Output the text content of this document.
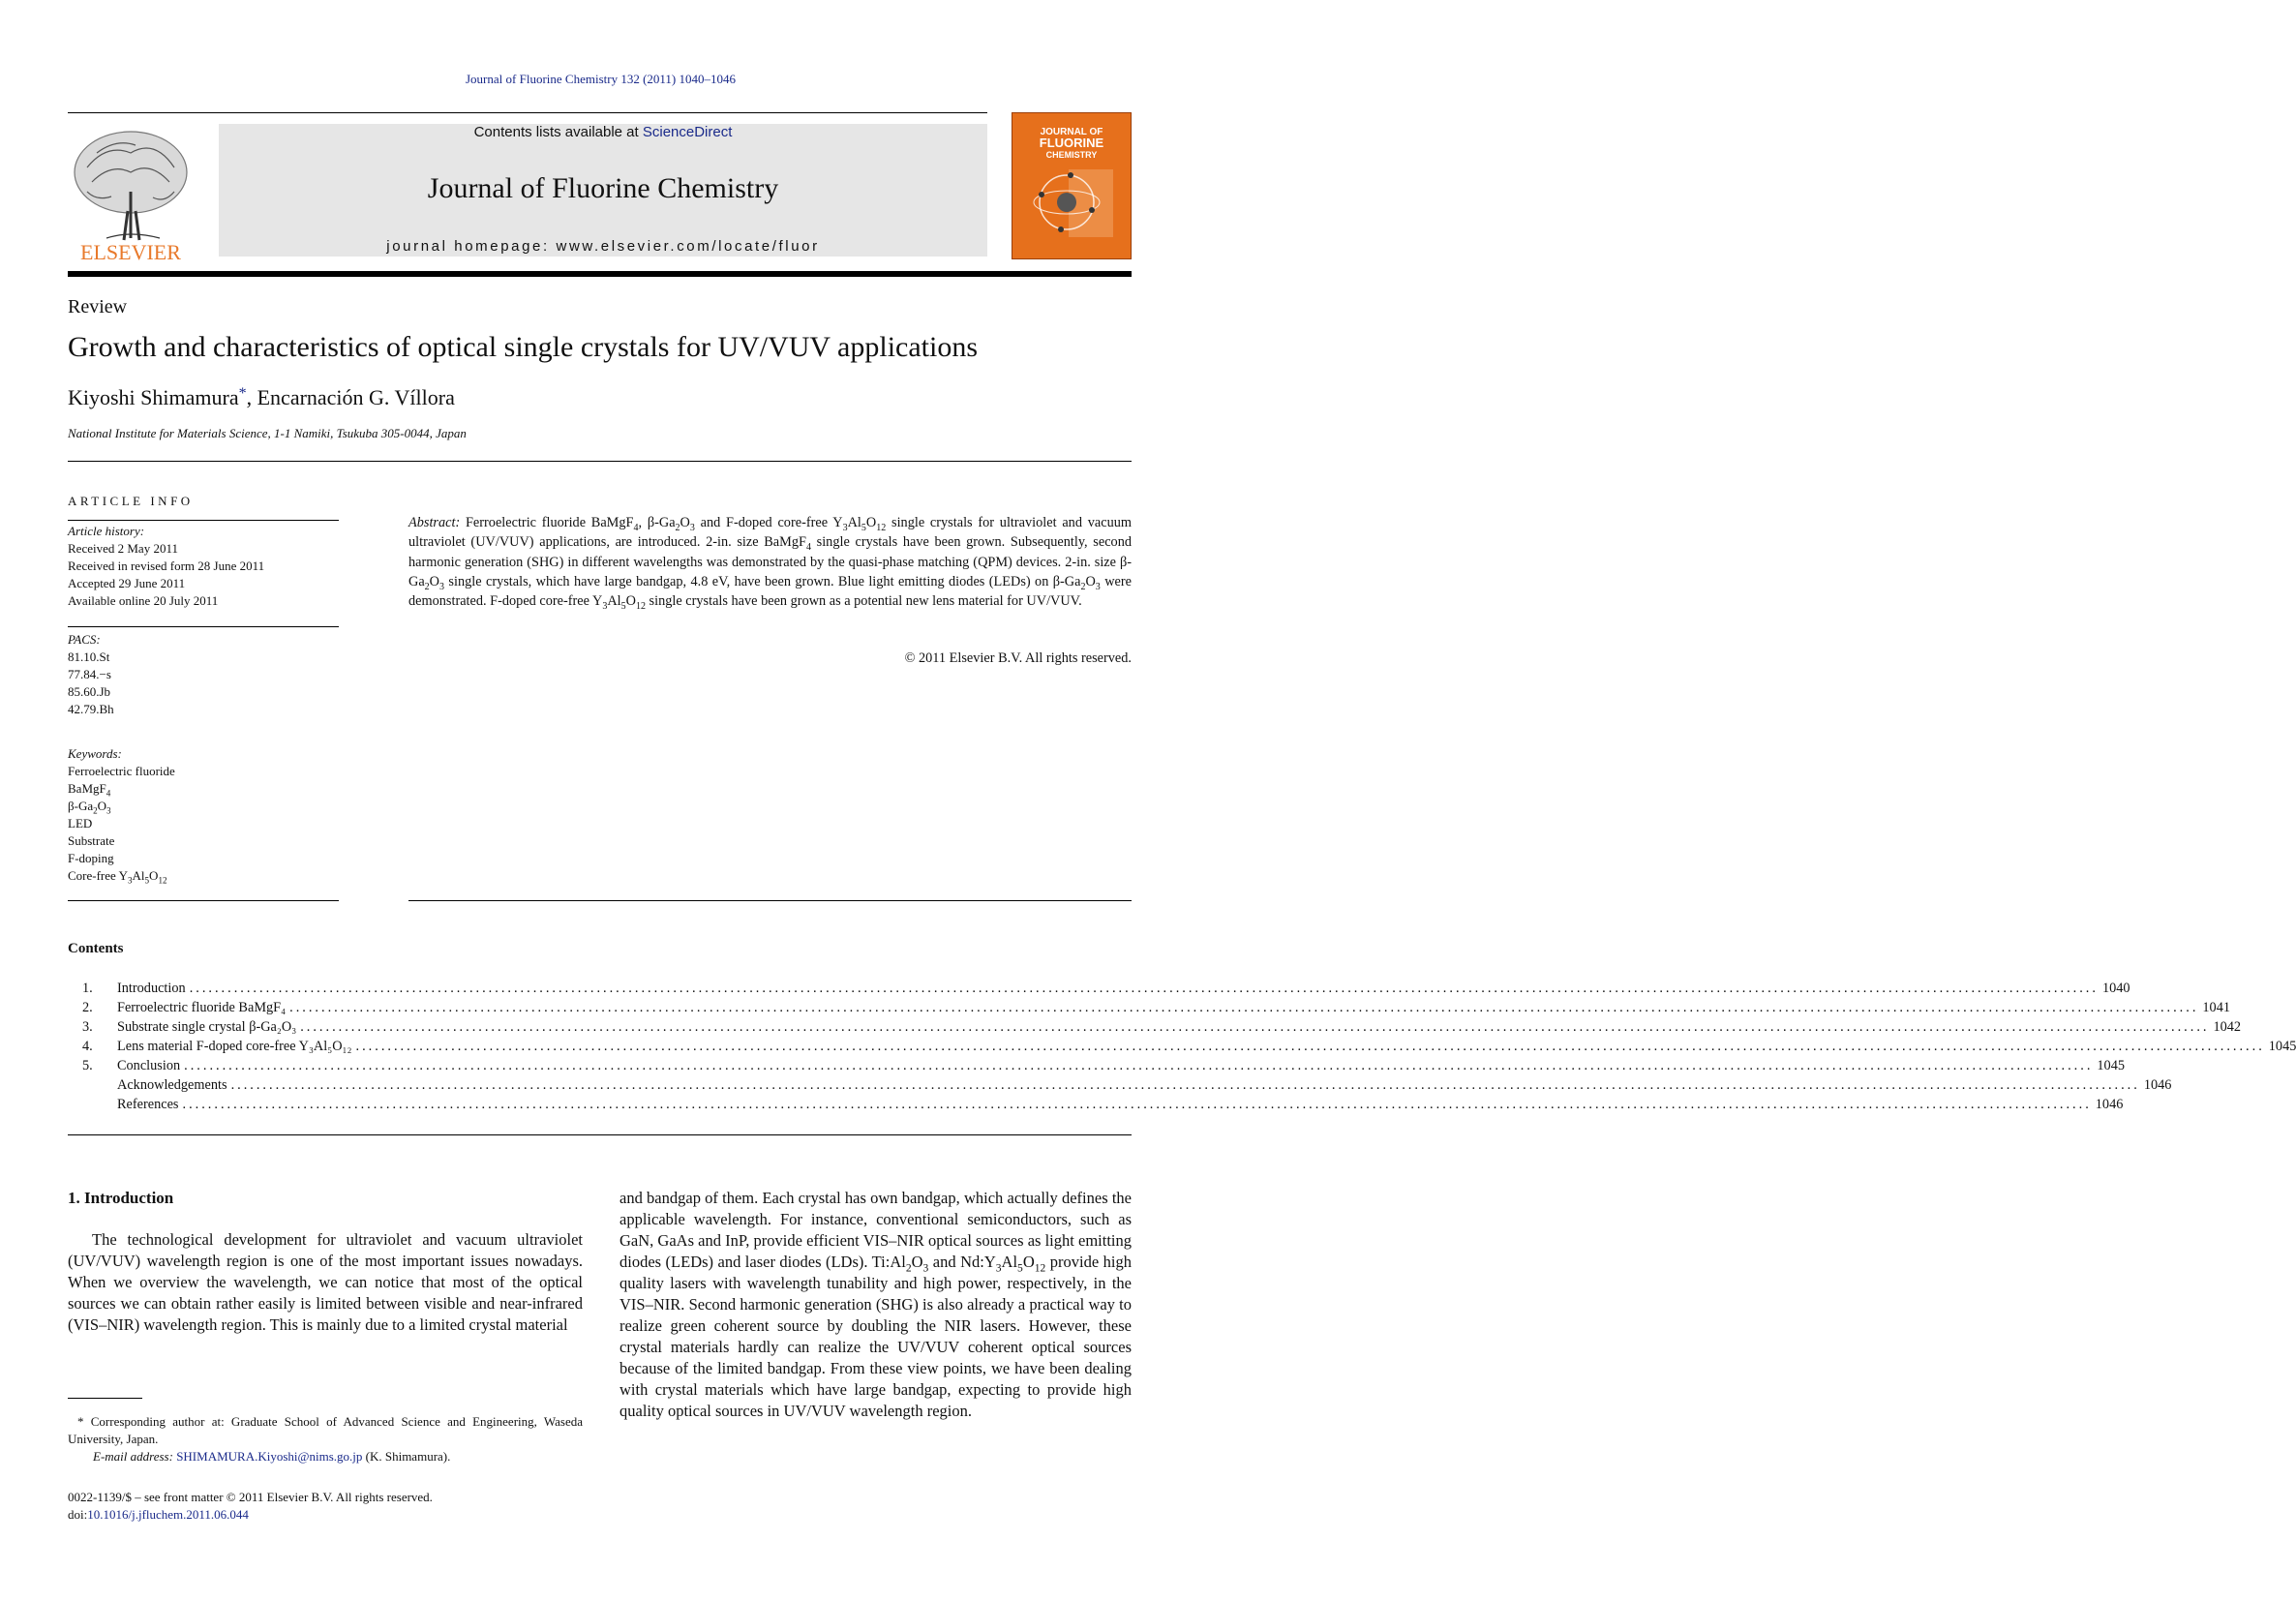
Journal of Fluorine Chemistry 132 (2011) 1040–1046
ELSEVIER
Contents lists available at ScienceDirect
Journal of Fluorine Chemistry
journal homepage: www.elsevier.com/locate/fluor
JOURNAL OF
FLUORINE
CHEMISTRY
Review
Growth and characteristics of optical single crystals for UV/VUV applications
Kiyoshi Shimamura*, Encarnación G. Víllora
National Institute for Materials Science, 1-1 Namiki, Tsukuba 305-0044, Japan
ARTICLE INFO
Article history:
Received 2 May 2011
Received in revised form 28 June 2011
Accepted 29 June 2011
Available online 20 July 2011
PACS:
81.10.St
77.84.−s
85.60.Jb
42.79.Bh
Keywords:
Ferroelectric fluoride
BaMgF$_4$
$\beta-Ga_2O_3$
LED
Substrate
F-doping
Core-free $Y_3Al_5O_{12}$
Abstract: Ferroelectric fluoride BaMgF$_4$, $\beta-Ga_2O_3$ and F-doped core-free $Y_3Al_5O_{12}$ single crystals for ultraviolet and vacuum ultraviolet (UV/VUV) applications, are introduced. 2-in. size BaMgF$_4$ single crystals have been grown. Subsequently, second harmonic generation (SHG) in different wavelengths was demonstrated by the quasi-phase matching (QPM) devices. 2-in. size $\beta-Ga_2O_3$ single crystals, which have large bandgap, 4.8 eV, have been grown. Blue light emitting diodes (LEDs) on $\beta-Ga_2O_3$ were demonstrated. F-doped core-free $Y_3Al_5O_{12}$ single crystals have been grown as a potential new lens material for UV/VUV.
© 2011 Elsevier B.V. All rights reserved.
Contents
1.	Introduction ............................................................................................................................................................................................................................................................................................................ 1040
2.	Ferroelectric fluoride BaMgF₄ ............................................................................................................................................................................................................................................................................................................ 1041
3.	Substrate single crystal β-Ga₂O₃ ............................................................................................................................................................................................................................................................................................................ 1042
4.	Lens material F-doped core-free Y₃Al₅O₁₂ ............................................................................................................................................................................................................................................................................................................ 1045
5.	Conclusion ............................................................................................................................................................................................................................................................................................................ 1045
Acknowledgements ............................................................................................................................................................................................................................................................................................................ 1046
References ............................................................................................................................................................................................................................................................................................................ 1046
1. Introduction
The technological development for ultraviolet and vacuum ultraviolet (UV/VUV) wavelength region is one of the most important issues nowadays. When we overview the wavelength, we can notice that most of the optical sources we can obtain rather easily is limited between visible and near-infrared (VIS–NIR) wavelength region. This is mainly due to a limited crystal material
and bandgap of them. Each crystal has own bandgap, which actually defines the applicable wavelength. For instance, conventional semiconductors, such as GaN, GaAs and InP, provide efficient VIS–NIR optical sources as light emitting diodes (LEDs) and laser diodes (LDs). $Ti:Al_2O_3$ and $Nd:Y_3Al_5O_{12}$ provide high quality lasers with wavelength tunability and high power, respectively, in the VIS–NIR. Second harmonic generation (SHG) is also already a practical way to realize green coherent source by doubling the NIR lasers. However, these crystal materials hardly can realize the UV/VUV coherent optical sources because of the limited bandgap. From these view points, we have been dealing with crystal materials which have large bandgap, expecting to provide high quality optical sources in UV/VUV wavelength region.
* Corresponding author at: Graduate School of Advanced Science and Engineering, Waseda University, Japan.
E-mail address: SHIMAMURA.Kiyoshi@nims.go.jp (K. Shimamura).
0022-1139/$ – see front matter © 2011 Elsevier B.V. All rights reserved.
doi:10.1016/j.jfluchem.2011.06.044
